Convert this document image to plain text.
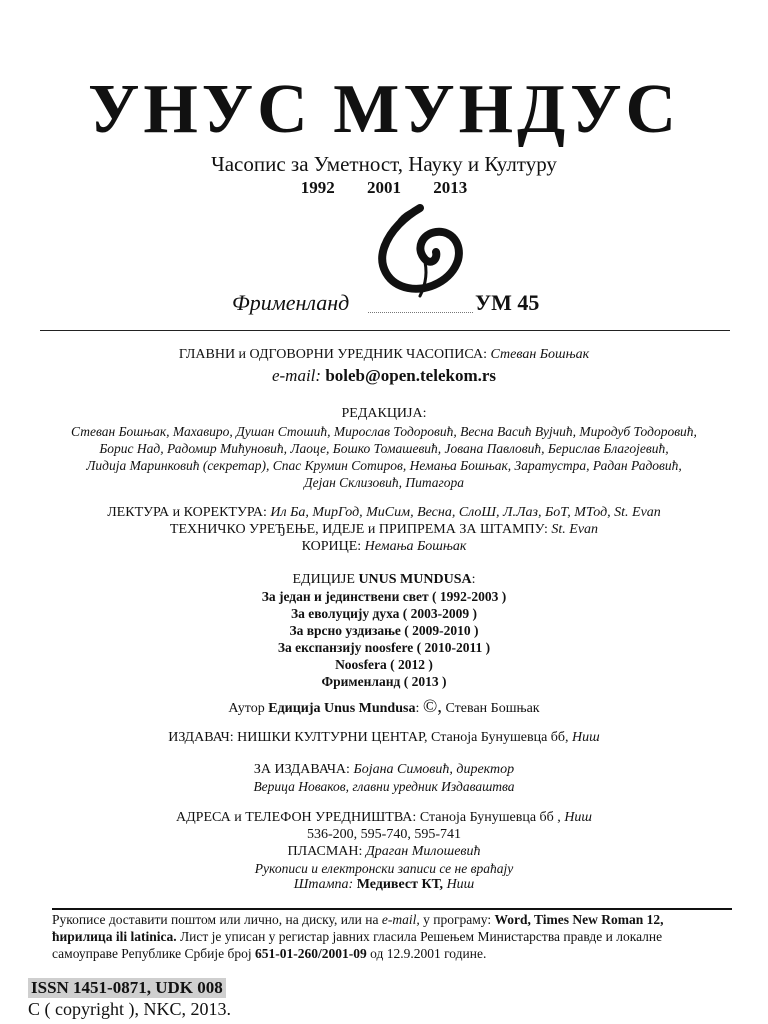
УНУС МУНДУС
Часопис за Уметност, Науку и Културу
1992 2001 2013
Фрименланд	УМ 45
ГЛАВНИ и ОДГОВОРНИ УРЕДНИК ЧАСОПИСА: Стеван Бошњак
e-mail: boleb@open.telekom.rs
РЕДАКЦИЈА:
Стеван Бошњак, Махавиро, Душан Стошић, Мирослав Тодоровић, Весна Васић Вујчић, Миродуб Тодоровић,
Борис Над, Радомир Мићуновић, Лаоце, Бошко Томашевић, Јована Павловић, Берислав Благојевић,
Лидија Маринковић (секретар), Спас Крумин Сотиров, Немања Бошњак, Заратустра, Радан Радовић,
Дејан Склизовић, Питагора
ЛЕКТУРА и КОРЕКТУРА: Ил Ба, МирГод, МиСим, Весна, СлоШ, Л.Лаз, БоТ, МТод, St. Evan
ТЕХНИЧКО УРЕЂЕЊЕ, ИДЕЈЕ и ПРИПРЕМА ЗА ШТАМПУ: St. Evan
КОРИЦЕ: Немања Бошњак
ЕДИЦИЈЕ UNUS MUNDUSA:
За један и јединствени свет ( 1992-2003 )
За еволуцију духа ( 2003-2009 )
За врсно уздизање ( 2009-2010 )
За експанзију noosfere ( 2010-2011 )
Noosfera ( 2012 )
Фрименланд ( 2013 )
Аутор Едиција Unus Mundusa: ©, Стеван Бошњак
ИЗДАВАЧ: НИШКИ КУЛТУРНИ ЦЕНТАР, Станоја Бунушевца бб, Ниш
ЗА ИЗДАВАЧА: Бојана Симовић, директор
Верица Новаков, главни уредник Издаваштва
АДРЕСА и ТЕЛЕФОН УРЕДНИШТВА: Станоја Бунушевца бб , Ниш
536-200, 595-740, 595-741
ПЛАСМАН: Драган Милошевић
Рукописи и електронски записи се не враћају
Штампа: Медивест КТ, Ниш
Рукописе доставити поштом или лично, на диску, или на e-mail, у програму: Word, Times New Roman 12,
ћирилица ili latinica. Лист је уписан у регистар јавних гласила Решењем Министарства правде и локалне
самоуправе Републике Србије број 651-01-260/2001-09 од 12.9.2001 године.
ISSN 1451-0871, UDK 008
C ( copyright ), NKC, 2013.
